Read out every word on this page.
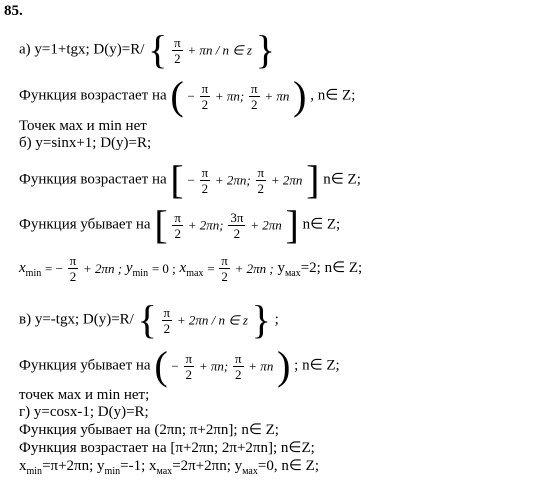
85.
а) y=1+tgx; D(y)=R/ { $\frac{\pi}{2} + \pi n / n$ ∈ z }
Функция возрастает на ( − $\frac{\pi}{2} + \pi n$; $\frac{\pi}{2} + \pi n$ ) , n∈ Z;
Точек мах и min нет
б) y=sinx+1; D(y)=R;
Функция возрастает на [ − $\frac{\pi}{2} + 2\pi n$; $\frac{\pi}{2} + 2\pi n$ ] n∈ Z;
Функция убывает на [ $\frac{\pi}{2} + 2\pi n$; $\frac{3\pi}{2} + 2\pi n$ ] n∈ Z;
$x_{min}$ = − $\frac{\pi}{2} + 2\pi n$ ; $y_{min} = 0$ ; $x_{max} = \frac{\pi}{2} + 2\pi n$ ; $y_{мах}=2$; n∈ Z;
в) y=-tgx; D(y)=R/ { $\frac{\pi}{2} + 2\pi n / n$ ∈ z } ;
Функция убывает на ( − $\frac{\pi}{2} + \pi n$; $\frac{\pi}{2} + \pi n$ ) ; n∈ Z;
точек мах и min нет;
г) y=cosx-1; D(y)=R;
Функция убывает на (2πn; π+2πn]; n∈ Z;
Функция возрастает на [π+2πn; 2π+2πn]; n∈Z;
$x_{min}=\pi+2\pi n$; $y_{min}=-1$; $x_{мах}=2\pi+2\pi n$; $y_{мах}=0$, n∈ Z;
